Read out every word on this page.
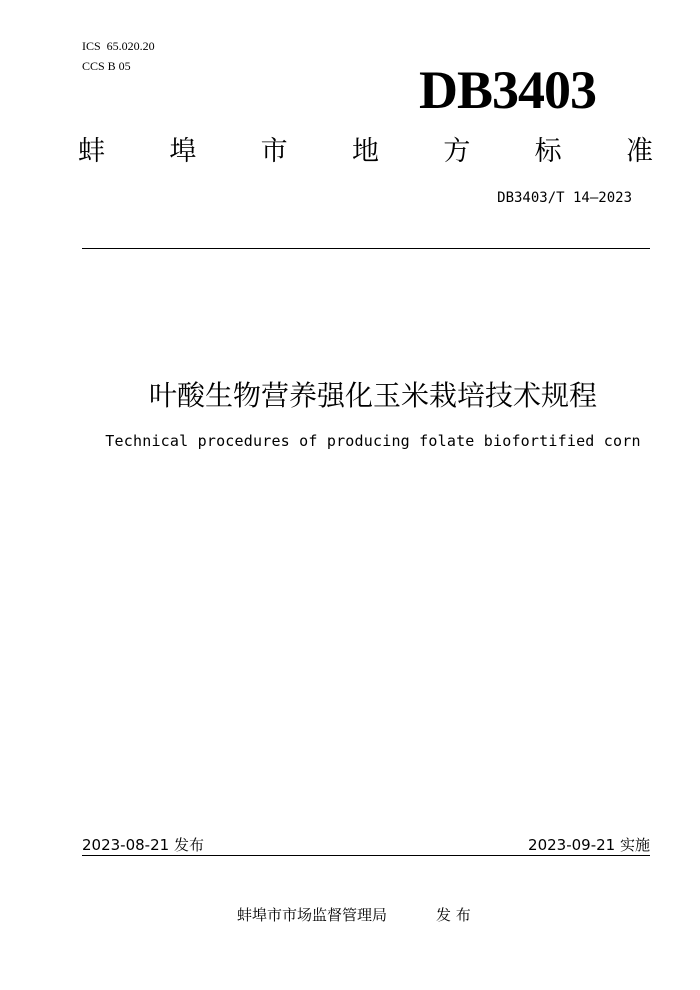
ICS  65.020.20
CCS B 05	DB3403
蚌 埠 市 地 方 标 准
DB3403/T 14—2023
叶酸生物营养强化玉米栽培技术规程
Technical procedures of producing folate biofortified corn
2023-08-21 发布	2023-09-21 实施
蚌埠市市场监督管理局	发 布
